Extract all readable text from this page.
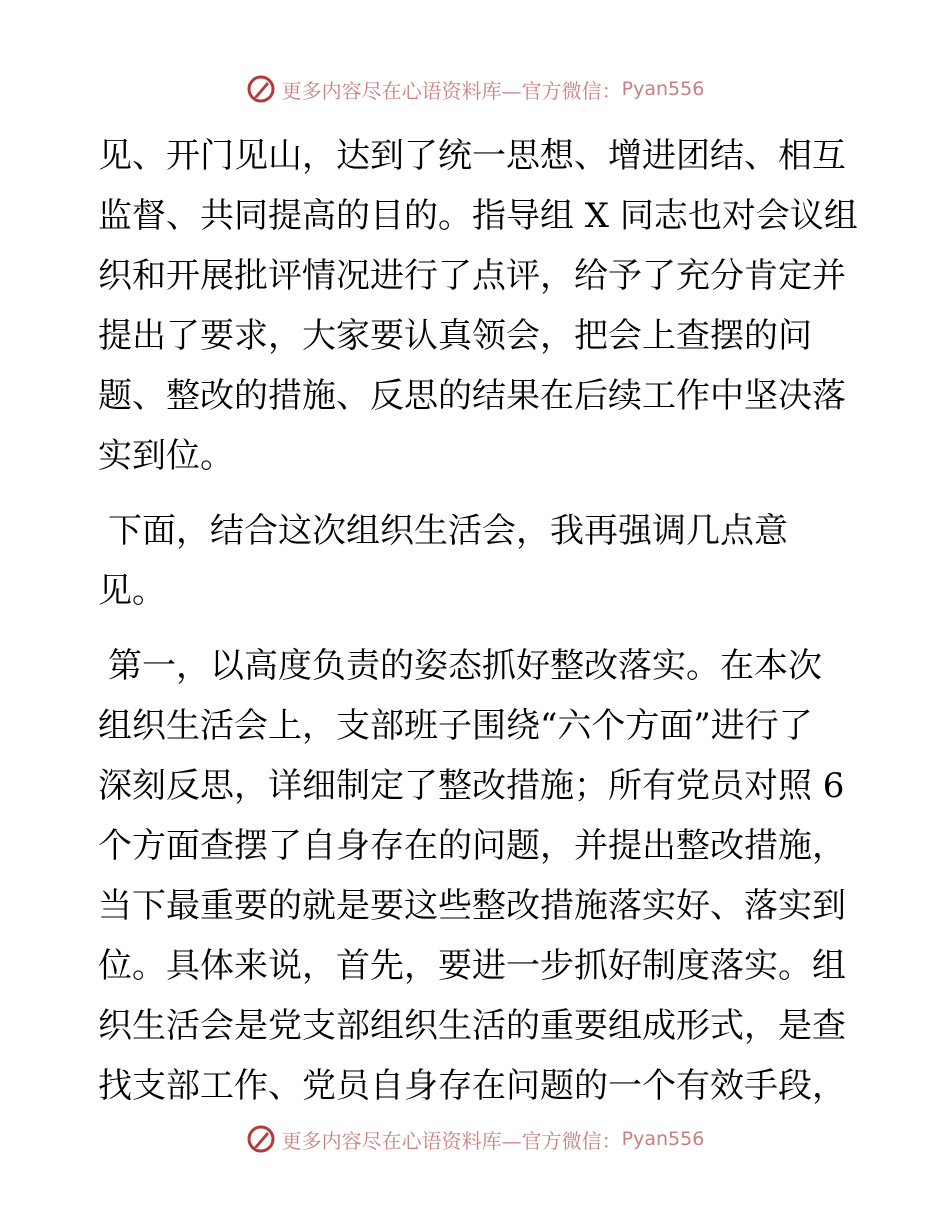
更多内容尽在心语资料库—官方微信： Pyan556
见、开门见山，达到了统一思想、增进团结、相互
监督、共同提高的目的。指导组 X 同志也对会议组
织和开展批评情况进行了点评，给予了充分肯定并
提出了要求，大家要认真领会，把会上查摆的问
题、整改的措施、反思的结果在后续工作中坚决落
实到位。
下面，结合这次组织生活会，我再强调几点意
见。
第一，以高度负责的姿态抓好整改落实。在本次
组织生活会上，支部班子围绕“六个方面”进行了
深刻反思，详细制定了整改措施；所有党员对照 6
个方面查摆了自身存在的问题，并提出整改措施，
当下最重要的就是要这些整改措施落实好、落实到
位。具体来说，首先，要进一步抓好制度落实。组
织生活会是党支部组织生活的重要组成形式，是查
找支部工作、党员自身存在问题的一个有效手段，
更多内容尽在心语资料库—官方微信： Pyan556
